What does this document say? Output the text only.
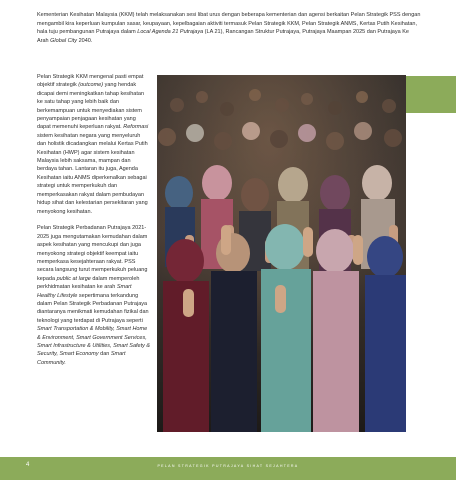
Kementerian Kesihatan Malaysia (KKM) telah melaksanakan sesi libat urus dengan beberapa kementerian dan agensi berkaitan Pelan Strategik PSS dengan mengambil kira keperluan kumpulan sasar, keupayaan, kepelbagaian aktiviti termasuk Pelan Strategik KKM, Pelan Strategik ANMS, Kertas Putih Kesihatan, hala tuju pembangunan Putrajaya dalam Local Agenda 21 Putrajaya (LA 21), Rancangan Struktur Putrajaya, Putrajaya Maampan 2025 dan Putrajaya Ke Arah Global City 2040.

Pelan Strategik KKM mengenal pasti empat objektif strategik (outcome) yang hendak dicapai demi meningkatkan tahap kesihatan ke satu tahap yang lebih baik dan berkemampuan untuk menyediakan sistem penyampaian penjagaan kesihatan yang dapat memenuhi keperluan rakyat. Reformasi sistem kesihatan negara yang menyeluruh dan holistik dicadangkan melalui Kertas Putih Kesihatan (HWP) agar sistem kesihatan Malaysia lebih saksama, mampan dan berdaya tahan. Lantaran itu juga, Agenda Kesihatan iaitu ANMS diperkenalkan sebagai strategi untuk memperkukuh dan memperkasakan rakyat dalam pembudayan hidup sihat dan kelestarian persekitaran yang menyokong kesihatan.

Pelan Strategik Perbadanan Putrajaya 2021-2025 juga mengutamakan kemudahan dalam aspek kesihatan yang mencukupi dan juga menyokong strategi objektif keempat iaitu memperkasa kesejahteraan rakyat. PSS secara langsung turut memperkukuh peluang kepada public at large dalam memperoleh perkhidmatan kesihatan ke arah Smart Healthy Lifestyle sepertimana terkandung dalam Pelan Strategik Perbadanan Putrajaya diantaranya menikmati kemudahan fizikal dan teknologi yang terdapat di Putrajaya seperti Smart Transportation & Mobility, Smart Home & Environment, Smart Government Services, Smart Infrastructure & Utilities, Smart Safety & Security, Smart Economy dan Smart Community.

4	PELAN STRATEGIK PUTRAJAYA SIHAT SEJAHTERA
